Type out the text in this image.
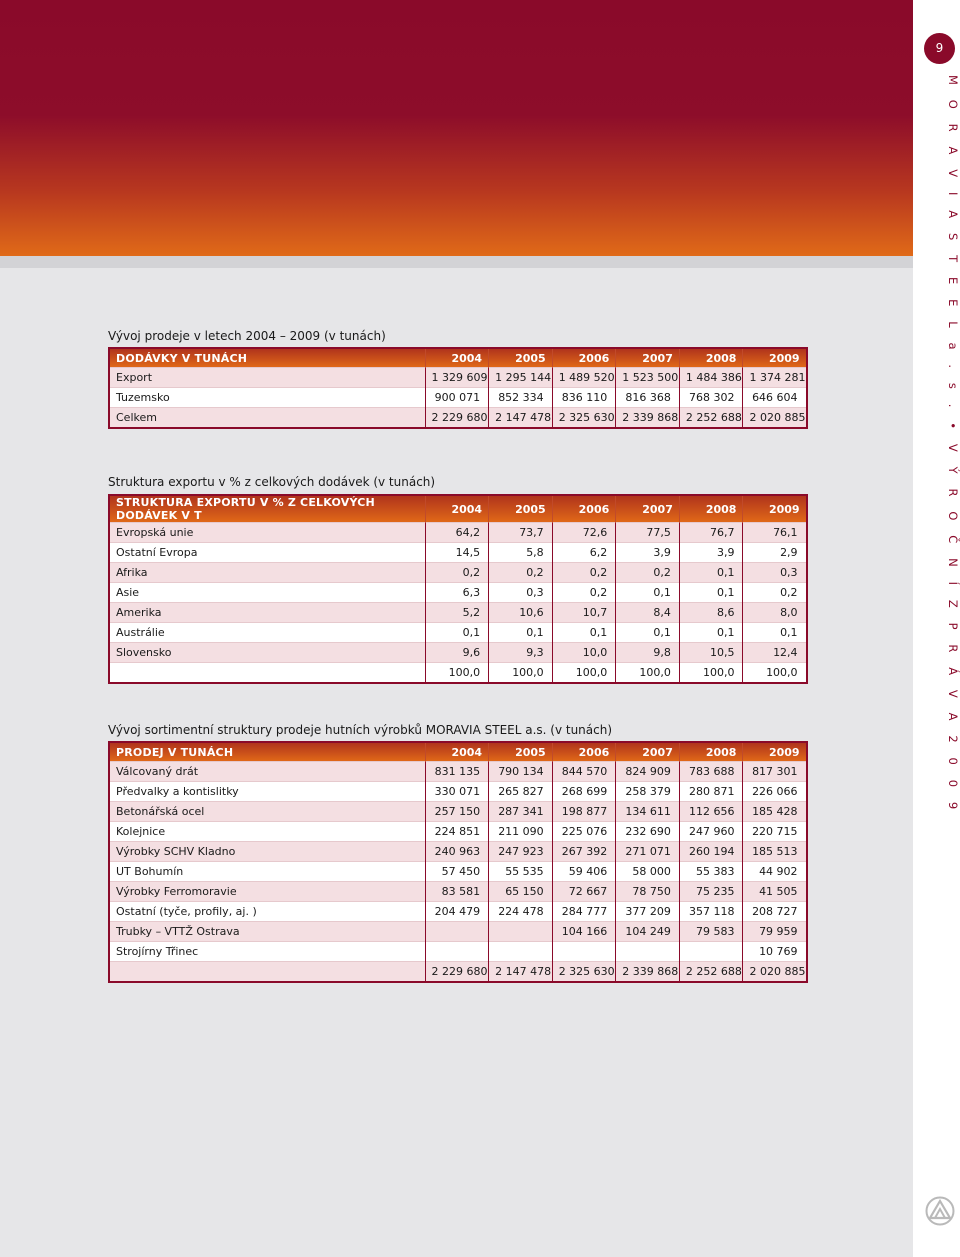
9
M O R A V I A S T E E L a . s . • V Ý R O Č N Í Z P R Á V A 2 0 0 9
Vývoj prodeje v letech 2004 – 2009 (v tunách)
DODÁVKY V TUNÁCH	2004	2005	2006	2007	2008	2009
Export	1 329 609	1 295 144	1 489 520	1 523 500	1 484 386	1 374 281
Tuzemsko	900 071	852 334	836 110	816 368	768 302	646 604
Celkem	2 229 680	2 147 478	2 325 630	2 339 868	2 252 688	2 020 885
Struktura exportu v % z celkových dodávek (v tunách)
STRUKTURA EXPORTU V % Z CELKOVÝCH DODÁVEK V T	2004	2005	2006	2007	2008	2009
Evropská unie	64,2	73,7	72,6	77,5	76,7	76,1
Ostatní Evropa	14,5	5,8	6,2	3,9	3,9	2,9
Afrika	0,2	0,2	0,2	0,2	0,1	0,3
Asie	6,3	0,3	0,2	0,1	0,1	0,2
Amerika	5,2	10,6	10,7	8,4	8,6	8,0
Austrálie	0,1	0,1	0,1	0,1	0,1	0,1
Slovensko	9,6	9,3	10,0	9,8	10,5	12,4
	100,0	100,0	100,0	100,0	100,0	100,0
Vývoj sortimentní struktury prodeje hutních výrobků MORAVIA STEEL a.s. (v tunách)
PRODEJ V TUNÁCH	2004	2005	2006	2007	2008	2009
Válcovaný drát	831 135	790 134	844 570	824 909	783 688	817 301
Předvalky a kontislitky	330 071	265 827	268 699	258 379	280 871	226 066
Betonářská ocel	257 150	287 341	198 877	134 611	112 656	185 428
Kolejnice	224 851	211 090	225 076	232 690	247 960	220 715
Výrobky SCHV Kladno	240 963	247 923	267 392	271 071	260 194	185 513
UT Bohumín	57 450	55 535	59 406	58 000	55 383	44 902
Výrobky Ferromoravie	83 581	65 150	72 667	78 750	75 235	41 505
Ostatní (tyče, profily, aj. )	204 479	224 478	284 777	377 209	357 118	208 727
Trubky – VTTŽ Ostrava			104 166	104 249	79 583	79 959
Strojírny Třinec						10 769
	2 229 680	2 147 478	2 325 630	2 339 868	2 252 688	2 020 885
